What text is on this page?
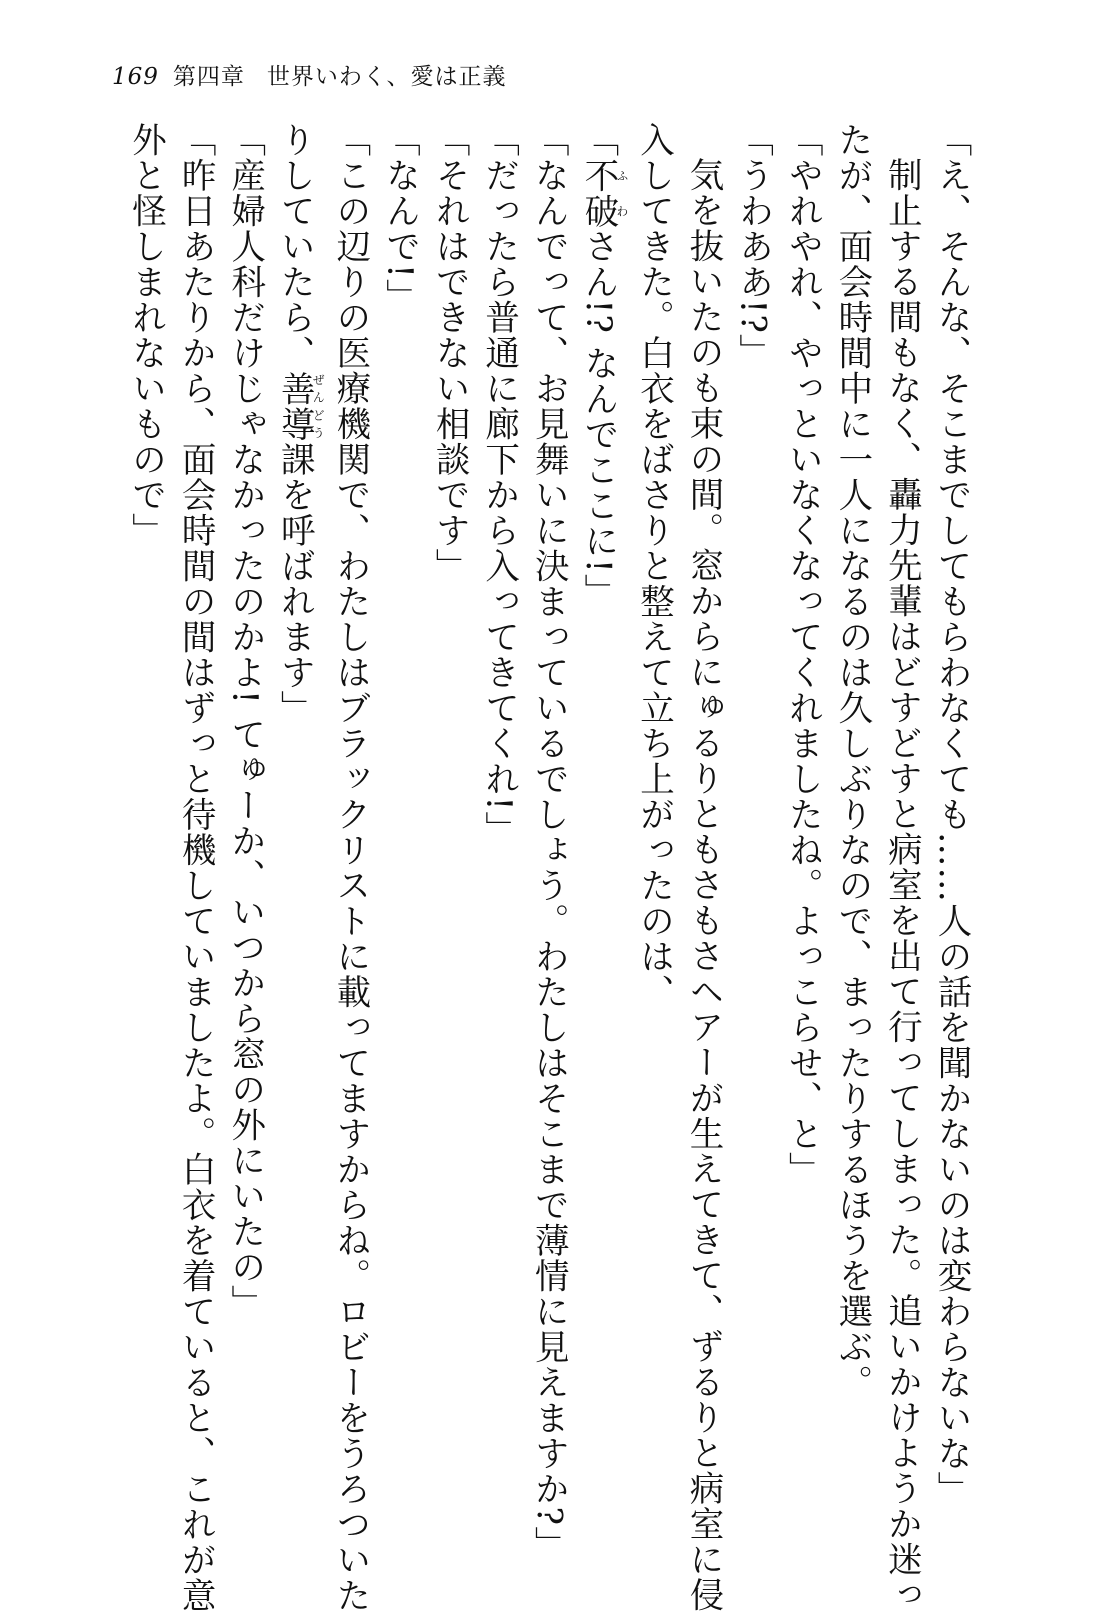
169 第四章 世界いわく、愛は正義

「え、そんな、そこまでしてもらわなくても……人の話を聞かないのは変わらないな」

制止する間もなく、轟力先輩はどすどすと病室を出て行ってしまった。追いかけようか迷っ

たが、面会時間中に一人になるのは久しぶりなので、まったりするほうを選ぶ。

「やれやれ、やっといなくなってくれましたね。よっこらせ、と」

「うわああ!?」

気を抜いたのも束の間。窓からにゅるりともさもさヘアーが生えてきて、ずるりと病室に侵

入してきた。白衣をばさりと整えて立ち上がったのは、

「不破ふわさん!? なんでここに!」

「なんでって、お見舞いに決まっているでしょう。わたしはそこまで薄情に見えますか?」

「だったら普通に廊下から入ってきてくれ!」

「それはできない相談です」

「なんで!」

「この辺りの医療機関で、わたしはブラックリストに載ってますからね。ロビーをうろついた

りしていたら、善導ぜんどう課を呼ばれます」

「産婦人科だけじゃなかったのかよ! てゅーか、いつから窓の外にいたの」

「昨日あたりから、面会時間の間はずっと待機していましたよ。白衣を着ていると、これが意

外と怪しまれないもので」
